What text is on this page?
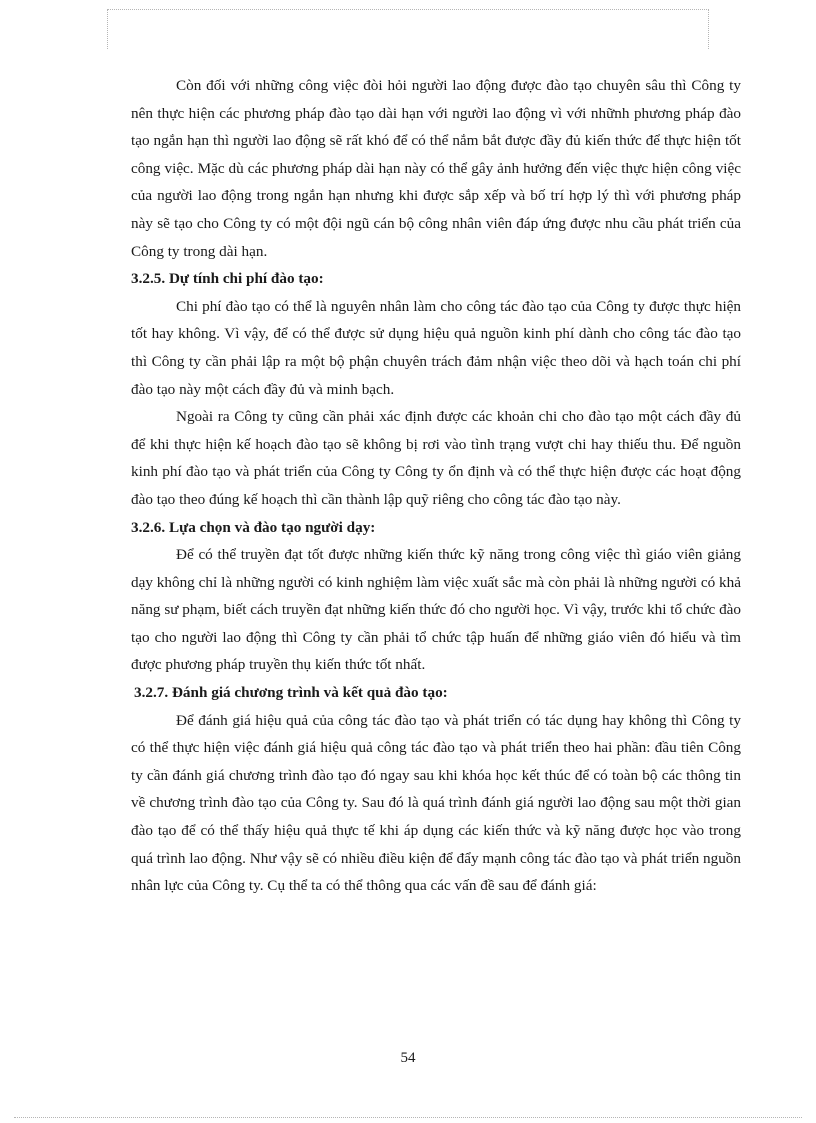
Còn đối với những công việc đòi hỏi người lao động được đào tạo chuyên sâu thì Công ty nên thực hiện các phương pháp đào tạo dài hạn với người lao động vì với nhữnh phương pháp đào tạo ngắn hạn thì người lao động sẽ rất khó để có thể nắm bắt được đầy đủ kiến thức để thực hiện tốt công việc. Mặc dù các phương pháp dài hạn này có thể gây ảnh hưởng đến việc thực hiện công việc của người lao động trong ngắn hạn nhưng khi được sắp xếp và bố trí hợp lý thì với phương pháp này sẽ tạo cho Công ty có một đội ngũ cán bộ công nhân viên đáp ứng được nhu cầu phát triển của Công ty trong dài hạn.

3.2.5. Dự tính chi phí đào tạo:

Chi phí đào tạo có thể là nguyên nhân làm cho công tác đào tạo của Công ty được thực hiện tốt hay không. Vì vậy, để có thể được sử dụng hiệu quả nguồn kinh phí dành cho công tác đào tạo thì Công ty cần phải lập ra một bộ phận chuyên trách đảm nhận việc theo dõi và hạch toán chi phí đào tạo này một cách đầy đủ và minh bạch.

Ngoài ra Công ty cũng cần phải xác định được các khoản chi cho đào tạo một cách đầy đủ để khi thực hiện kế hoạch đào tạo sẽ không bị rơi vào tình trạng vượt chi hay thiếu thu. Để nguồn kinh phí đào tạo và phát triển của Công ty Công ty ổn định và có thể thực hiện được các hoạt động đào tạo theo đúng kế hoạch thì cần thành lập quỹ riêng cho công tác đào tạo này.

3.2.6. Lựa chọn và đào tạo người dạy:

Để có thể truyền đạt tốt được những kiến thức kỹ năng trong công việc thì giáo viên giảng dạy không chỉ là những người có kinh nghiệm làm việc xuất sắc mà còn phải là những người có khả năng sư phạm, biết cách truyền đạt những kiến thức đó cho người học. Vì vậy, trước khi tổ chức đào tạo cho người lao động thì Công ty cần phải tổ chức tập huấn để những giáo viên đó hiểu và tìm được phương pháp truyền thụ kiến thức tốt nhất.

3.2.7. Đánh giá chương trình và kết quả đào tạo:

Để đánh giá hiệu quả của công tác đào tạo và phát triển có tác dụng hay không thì Công ty có thể thực hiện việc đánh giá hiệu quả công tác đào tạo và phát triển theo hai phần: đầu tiên Công ty cần đánh giá chương trình đào tạo đó ngay sau khi khóa học kết thúc để có toàn bộ các thông tin về chương trình đào tạo của Công ty. Sau đó là quá trình đánh giá người lao động sau một thời gian đào tạo để có thể thấy hiệu quả thực tế khi áp dụng các kiến thức và kỹ năng được học vào trong quá trình lao động. Như vậy sẽ có nhiều điều kiện để đẩy mạnh công tác đào tạo và phát triển nguồn nhân lực của Công ty. Cụ thể ta có thể thông qua các vấn đề sau để đánh giá:

54
